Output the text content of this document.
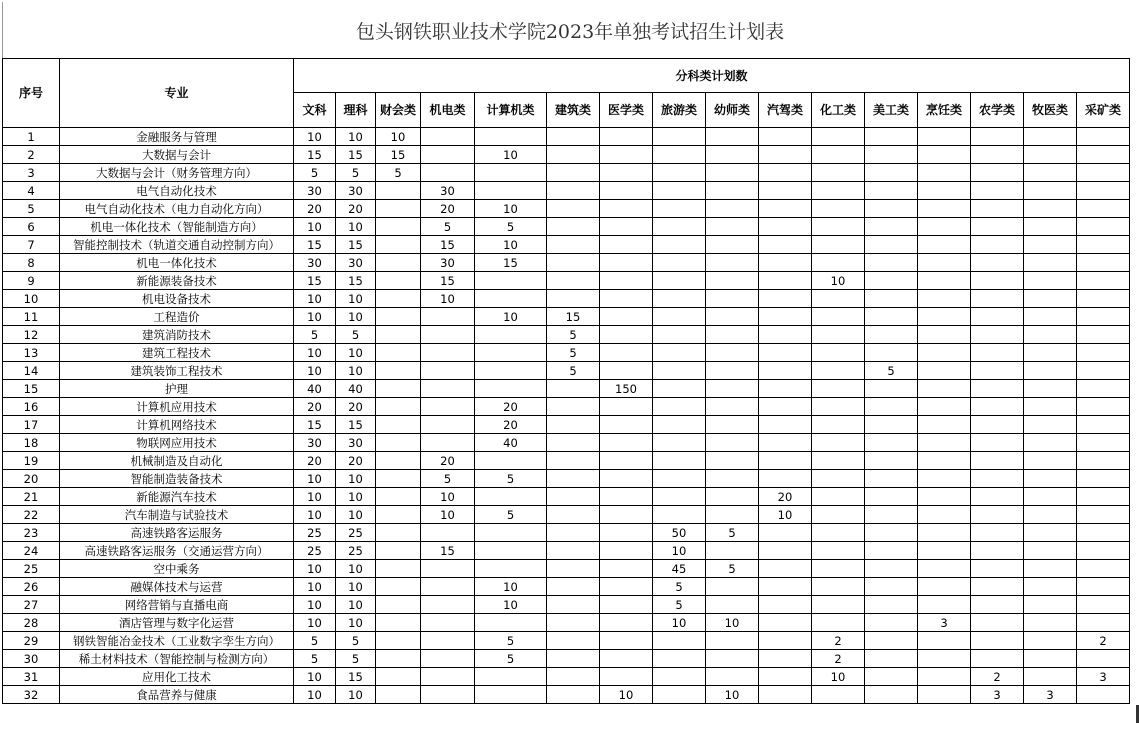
包头钢铁职业技术学院2023年单独考试招生计划表
序号	专业	分科类计划数															
		文科	理科	财会类	机电类	计算机类	建筑类	医学类	旅游类	幼师类	汽驾类	化工类	美工类	烹饪类	农学类	牧医类	采矿类
1	金融服务与管理	10	10	10													
2	大数据与会计	15	15	15		10											
3	大数据与会计（财务管理方向）	5	5	5													
4	电气自动化技术	30	30		30												
5	电气自动化技术（电力自动化方向）	20	20		20	10											
6	机电一体化技术（智能制造方向）	10	10		5	5											
7	智能控制技术（轨道交通自动控制方向）	15	15		15	10											
8	机电一体化技术	30	30		30	15											
9	新能源装备技术	15	15		15							10					
10	机电设备技术	10	10		10												
11	工程造价	10	10			10	15										
12	建筑消防技术	5	5				5										
13	建筑工程技术	10	10				5										
14	建筑装饰工程技术	10	10				5						5				
15	护理	40	40					150									
16	计算机应用技术	20	20			20											
17	计算机网络技术	15	15			20											
18	物联网应用技术	30	30			40											
19	机械制造及自动化	20	20		20												
20	智能制造装备技术	10	10		5	5											
21	新能源汽车技术	10	10		10						20						
22	汽车制造与试验技术	10	10		10	5					10						
23	高速铁路客运服务	25	25						50	5							
24	高速铁路客运服务（交通运营方向）	25	25		15				10								
25	空中乘务	10	10						45	5							
26	融媒体技术与运营	10	10			10			5								
27	网络营销与直播电商	10	10			10			5								
28	酒店管理与数字化运营	10	10						10	10				3			
29	钢铁智能冶金技术（工业数字孪生方向）	5	5			5						2					2
30	稀土材料技术（智能控制与检测方向）	5	5			5						2					
31	应用化工技术	10	15									10			2		3
32	食品营养与健康	10	10					10		10					3	3	
